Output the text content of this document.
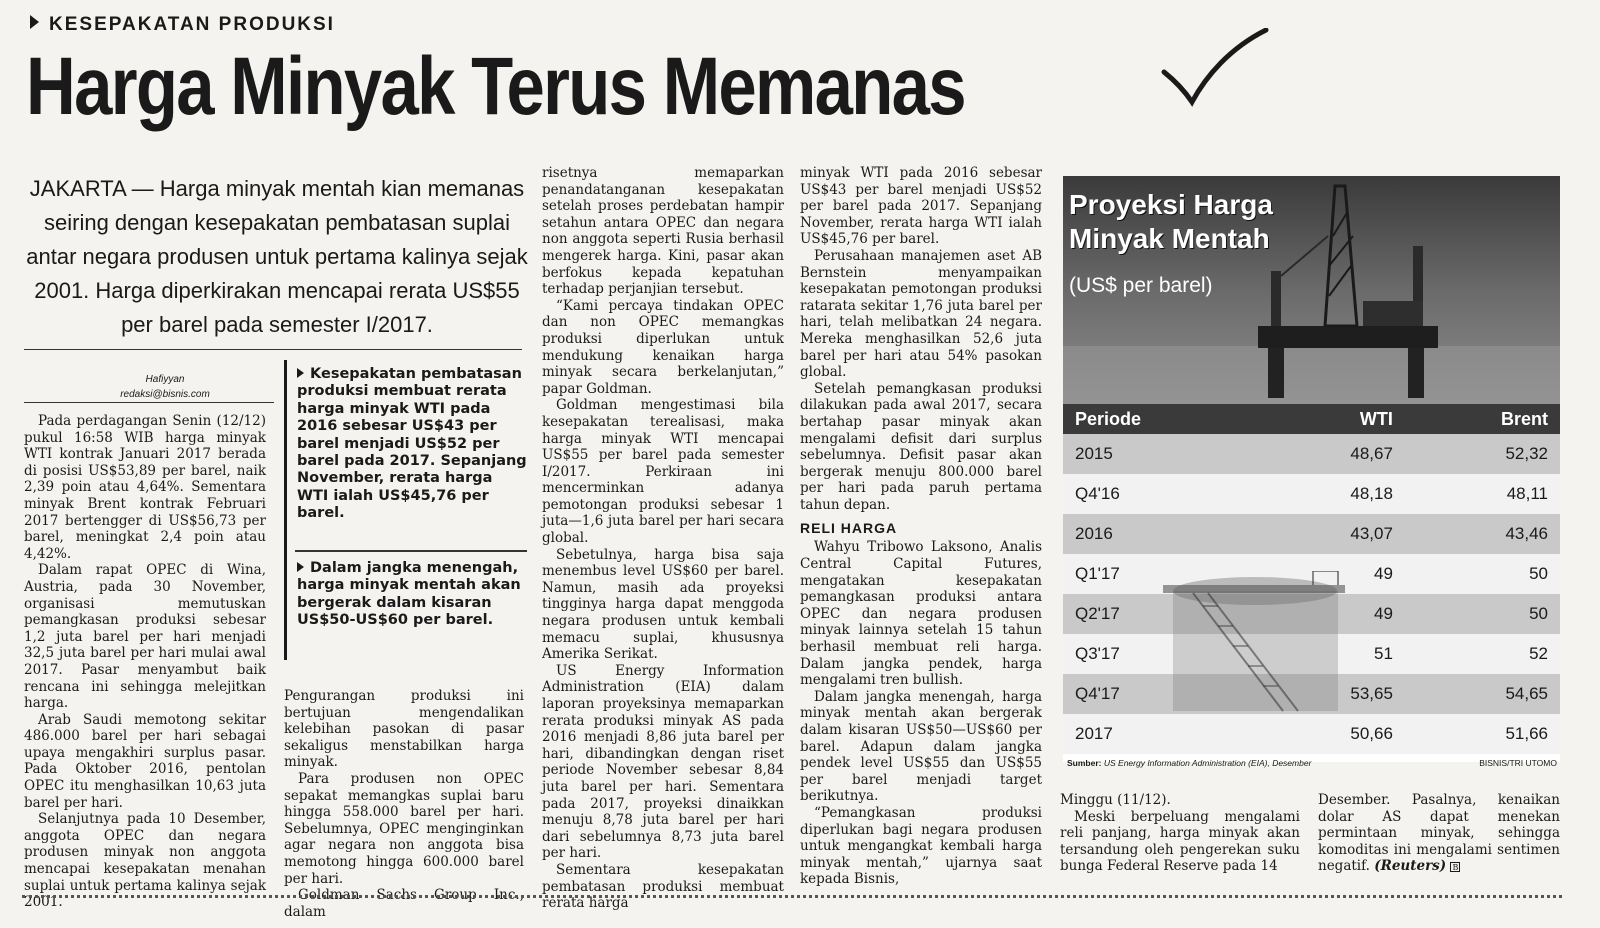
KESEPAKATAN PRODUKSI
Harga Minyak Terus Memanas
JAKARTA — Harga minyak mentah kian memanas seiring dengan kesepakatan pembatasan suplai antar negara produsen untuk pertama kalinya sejak 2001. Harga diperkirakan mencapai rerata US$55 per barel pada semester I/2017.
Hafiyyan
redaksi@bisnis.com

Pada perdagangan Senin (12/12) pukul 16:58 WIB harga minyak WTI kontrak Januari 2017 berada di posisi US$53,89 per barel, naik 2,39 poin atau 4,64%. Sementara minyak Brent kontrak Februari 2017 bertengger di US$56,73 per barel, meningkat 2,4 poin atau 4,42%.

Dalam rapat OPEC di Wina, Austria, pada 30 November, organisasi memutuskan pemangkasan produksi sebesar 1,2 juta barel per hari menjadi 32,5 juta barel per hari mulai awal 2017. Pasar menyambut baik rencana ini sehingga melejitkan harga.

Arab Saudi memotong sekitar 486.000 barel per hari sebagai upaya mengakhiri surplus pasar. Pada Oktober 2016, pentolan OPEC itu menghasilkan 10,63 juta barel per hari.

Selanjutnya pada 10 Desember, anggota OPEC dan negara produsen minyak non anggota mencapai kesepakatan menahan suplai untuk pertama kalinya sejak 2001.

Kesepakatan pembatasan produksi membuat rerata harga minyak WTI pada 2016 sebesar US$43 per barel menjadi US$52 per barel pada 2017. Sepanjang November, rerata harga WTI ialah US$45,76 per barel.
Dalam jangka menengah, harga minyak mentah akan bergerak dalam kisaran US$50-US$60 per barel.

Pengurangan produksi ini bertujuan mengendalikan kelebihan pasokan di pasar sekaligus menstabilkan harga minyak.

Para produsen non OPEC sepakat memangkas suplai baru hingga 558.000 barel per hari. Sebelumnya, OPEC menginginkan agar negara non anggota bisa memotong hingga 600.000 barel per hari.

Goldman Sachs Group Inc., dalam

risetnya memaparkan penandatanganan kesepakatan setelah proses perdebatan hampir setahun antara OPEC dan negara non anggota seperti Rusia berhasil mengerek harga. Kini, pasar akan berfokus kepada kepatuhan terhadap perjanjian tersebut.

“Kami percaya tindakan OPEC dan non OPEC memangkas produksi diperlukan untuk mendukung kenaikan harga minyak secara berkelanjutan,” papar Goldman.

Goldman mengestimasi bila kesepakatan terealisasi, maka harga minyak WTI mencapai US$55 per barel pada semester I/2017. Perkiraan ini mencerminkan adanya pemotongan produksi sebesar 1 juta—1,6 juta barel per hari secara global.

Sebetulnya, harga bisa saja menembus level US$60 per barel. Namun, masih ada proyeksi tingginya harga dapat menggoda negara produsen untuk kembali memacu suplai, khususnya Amerika Serikat.

US Energy Information Administration (EIA) dalam laporan proyeksinya memaparkan rerata produksi minyak AS pada 2016 menjadi 8,86 juta barel per hari, dibandingkan dengan riset periode November sebesar 8,84 juta barel per hari. Sementara pada 2017, proyeksi dinaikkan menuju 8,78 juta barel per hari dari sebelumnya 8,73 juta barel per hari.

Sementara kesepakatan pembatasan produksi membuat rerata harga

minyak WTI pada 2016 sebesar US$43 per barel menjadi US$52 per barel pada 2017. Sepanjang November, rerata harga WTI ialah US$45,76 per barel.

Perusahaan manajemen aset AB Bernstein menyampaikan kesepakatan pemotongan produksi ratarata sekitar 1,76 juta barel per hari, telah melibatkan 24 negara. Mereka menghasilkan 52,6 juta barel per hari atau 54% pasokan global.

Setelah pemangkasan produksi dilakukan pada awal 2017, secara bertahap pasar minyak akan mengalami defisit dari surplus sebelumnya. Defisit pasar akan bergerak menuju 800.000 barel per hari pada paruh pertama tahun depan.

RELI HARGA

Wahyu Tribowo Laksono, Analis Central Capital Futures, mengatakan kesepakatan pemangkasan produksi antara OPEC dan negara produsen minyak lainnya setelah 15 tahun berhasil membuat reli harga. Dalam jangka pendek, harga mengalami tren bullish.

Dalam jangka menengah, harga minyak mentah akan bergerak dalam kisaran US$50—US$60 per barel. Adapun dalam jangka pendek level US$55 dan US$55 per barel menjadi target berikutnya.

“Pemangkasan produksi diperlukan bagi negara produsen untuk mengangkat kembali harga minyak mentah,” ujarnya saat kepada Bisnis,

Minggu (11/12).

Meski berpeluang mengalami reli panjang, harga minyak akan tersandung oleh pengerekan suku bunga Federal Reserve pada 14

Desember. Pasalnya, kenaikan dolar AS dapat menekan permintaan minyak, sehingga komoditas ini mengalami sentimen negatif. (Reuters) B

Proyeksi Harga
Minyak Mentah
(US$ per barel)
Periode	WTI	Brent
2015	48,67	52,32
Q4'16	48,18	48,11
2016	43,07	43,46
Q1'17	49	50
Q2'17	49	50
Q3'17	51	52
Q4'17	53,65	54,65
2017	50,66	51,66
Sumber: US Energy Information Administration (EIA), Desember	BISNIS/TRI UTOMO
